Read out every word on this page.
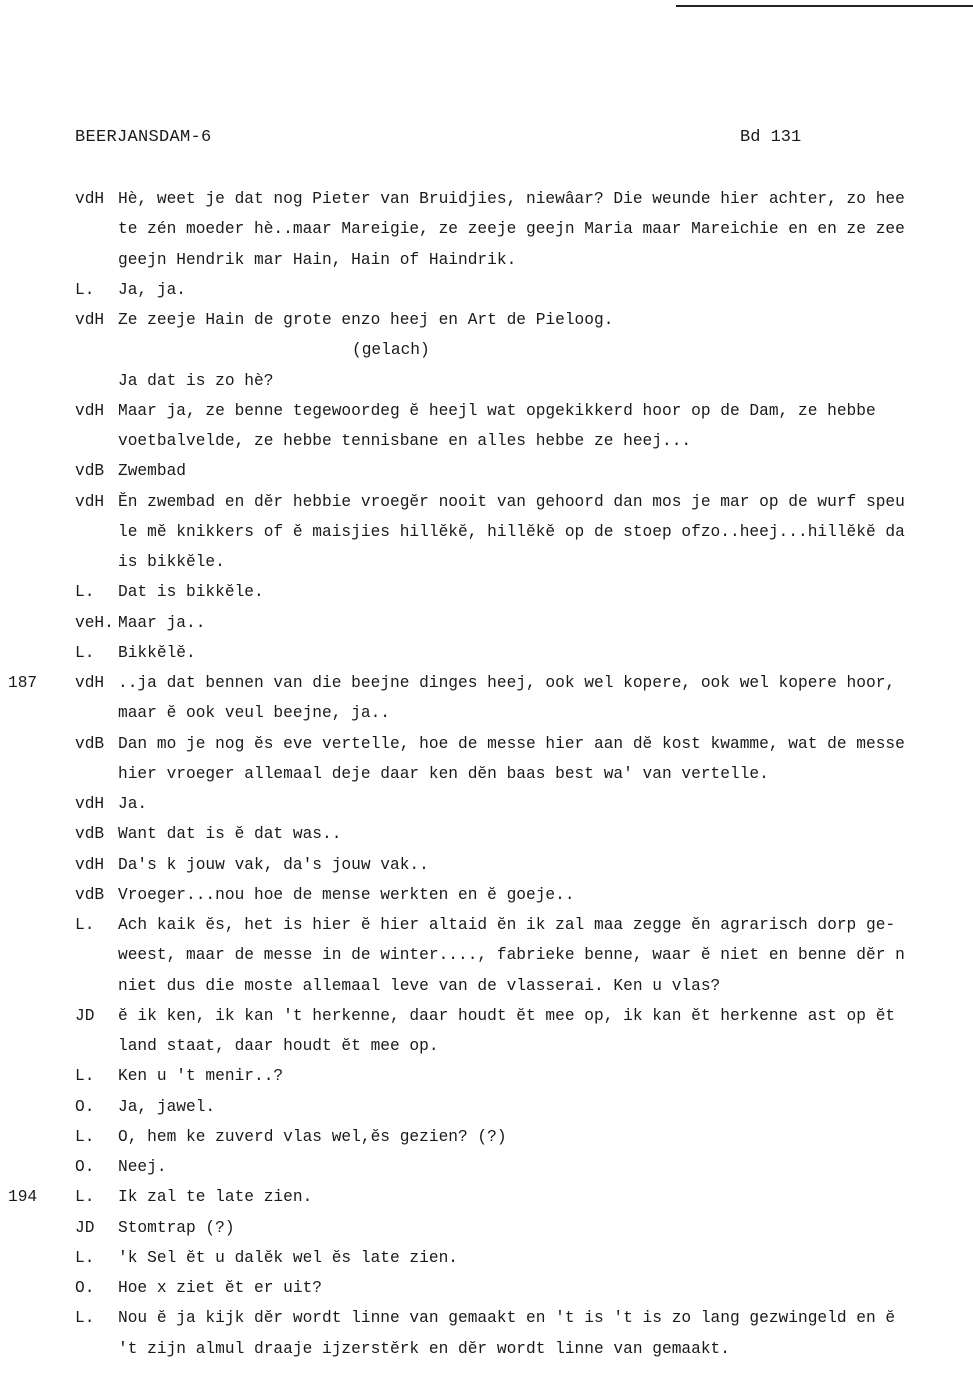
BEERJANSDAM-6	Bd 131
vdH Hè, weet je dat nog Pieter van Bruidjies, niewâar? Die weunde hier achter, zo hee
te zén moeder hè..maar Mareigie, ze zeeje geejn Maria maar Mareichie en en ze zee
geejn Hendrik mar Hain, Hain of Haindrik.
L. Ja, ja.
vdH Ze zeeje Hain de grote enzo heej en Art de Pieloog.
(gelach)
Ja dat is zo hè?
vdH Maar ja, ze benne tegewoordeg ĕ heejl wat opgekikkerd hoor op de Dam, ze hebbe
voetbalvelde, ze hebbe tennisbane en alles hebbe ze heej...
vdB Zwembad
vdH Ĕn zwembad en dĕr hebbie vroegĕr nooit van gehoord dan mos je mar op de wurf speu
le mĕ knikkers of ĕ maisjies hillĕkĕ, hillĕkĕ op de stoep ofzo..heej...hillĕkĕ da
is bikkĕle.
L. Dat is bikkĕle.
veH. Maar ja..
L. Bikkĕlĕ.
187 vdH ..ja dat bennen van die beejne dinges heej, ook wel kopere, ook wel kopere hoor,
maar ĕ ook veul beejne, ja..
vdB Dan mo je nog ĕs eve vertelle, hoe de messe hier aan dĕ kost kwamme, wat de messe
hier vroeger allemaal deje daar ken dĕn baas best wa' van vertelle.
vdH Ja.
vdB Want dat is ĕ dat was..
vdH Da's k jouw vak, da's jouw vak..
vdB Vroeger...nou hoe de mense werkten en ĕ goeje..
L. Ach kaik ĕs, het is hier ĕ hier altaid ĕn ik zal maa zegge ĕn agrarisch dorp ge-
weest, maar de messe in de winter...., fabrieke benne, waar ĕ niet en benne dĕr n
niet dus die moste allemaal leve van de vlasserai. Ken u vlas?
JD ĕ ik ken, ik kan 't herkenne, daar houdt ĕt mee op, ik kan ĕt herkenne ast op ĕt
land staat, daar houdt ĕt mee op.
L. Ken u 't menir..?
O. Ja, jawel.
L. O, hem ke zuverd vlas wel,ĕs gezien? (?)
O. Neej.
194 L. Ik zal te late zien.
JD Stomtrap (?)
L. 'k Sel ĕt u dalĕk wel ĕs late zien.
O. Hoe x ziet ĕt er uit?
L. Nou ĕ ja kijk dĕr wordt linne van gemaakt en 't is 't is zo lang gezwingeld en ĕ
't zijn almul draaje ijzerstĕrk en dĕr wordt linne van gemaakt.
